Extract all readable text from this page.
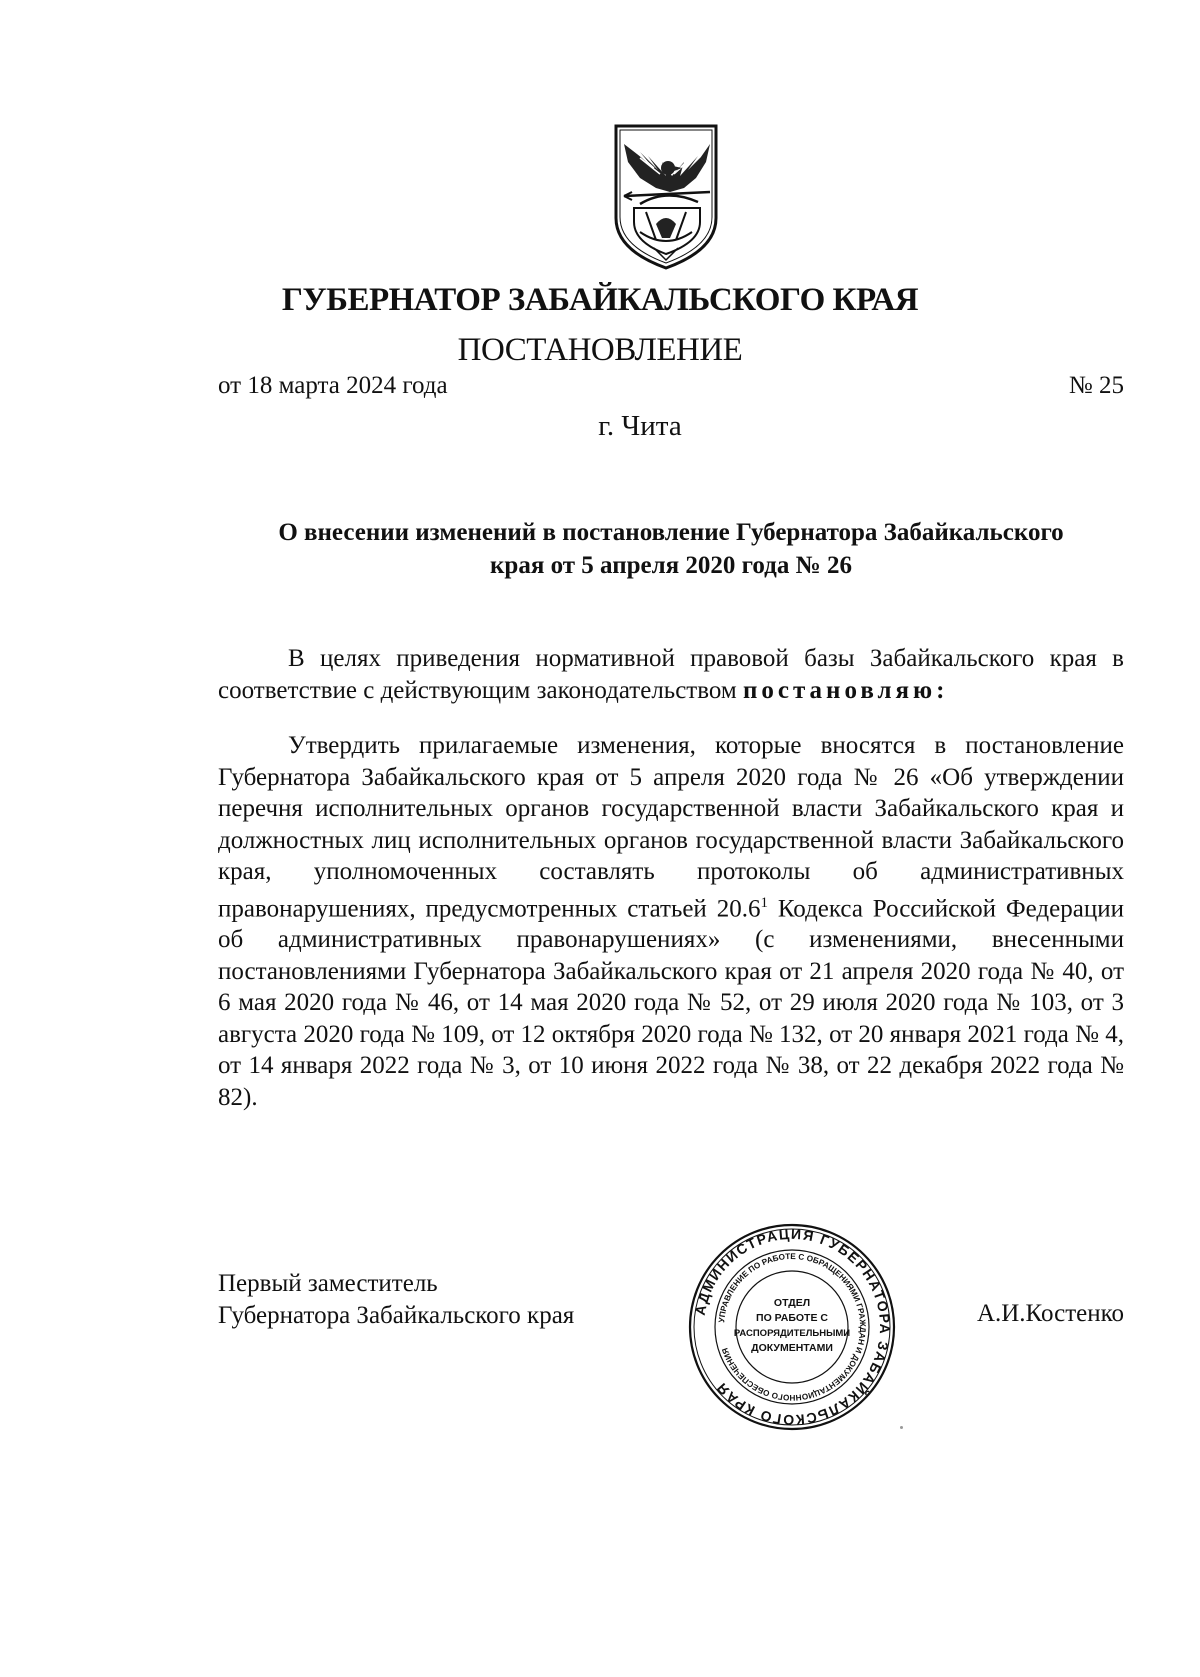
ГУБЕРНАТОР ЗАБАЙКАЛЬСКОГО КРАЯ
ПОСТАНОВЛЕНИЕ
от 18 марта 2024 года	№ 25
г. Чита
О внесении изменений в постановление Губернатора Забайкальского
края от 5 апреля 2020 года № 26
В целях приведения нормативной правовой базы Забайкальского края в соответствие с действующим законодательством постановляю:
Утвердить прилагаемые изменения, которые вносятся в постановление Губернатора Забайкальского края от 5 апреля 2020 года № 26 «Об утверждении перечня исполнительных органов государственной власти Забайкальского края и должностных лиц исполнительных органов государственной власти Забайкальского края, уполномоченных составлять протоколы об административных правонарушениях, предусмотренных статьей 20.6$^1$ Кодекса Российской Федерации об административных правонарушениях» (с изменениями, внесенными постановлениями Губернатора Забайкальского края от 21 апреля 2020 года № 40, от 6 мая 2020 года № 46, от 14 мая 2020 года № 52, от 29 июля 2020 года № 103, от 3 августа 2020 года № 109, от 12 октября 2020 года № 132, от 20 января 2021 года № 4, от 14 января 2022 года № 3, от 10 июня 2022 года № 38, от 22 декабря 2022 года № 82).
Первый заместитель
Губернатора Забайкальского края	А.И.Костенко
АДМИНИСТРАЦИЯ ГУБЕРНАТОРА ЗАБАЙКАЛЬСКОГО КРАЯ
УПРАВЛЕНИЕ ПО РАБОТЕ С ОБРАЩЕНИЯМИ ГРАЖДАН И ДОКУМЕНТАЦИОННОГО ОБЕСПЕЧЕНИЯ
ОТДЕЛ
ПО РАБОТЕ С
РАСПОРЯДИТЕЛЬНЫМИ
ДОКУМЕНТАМИ
